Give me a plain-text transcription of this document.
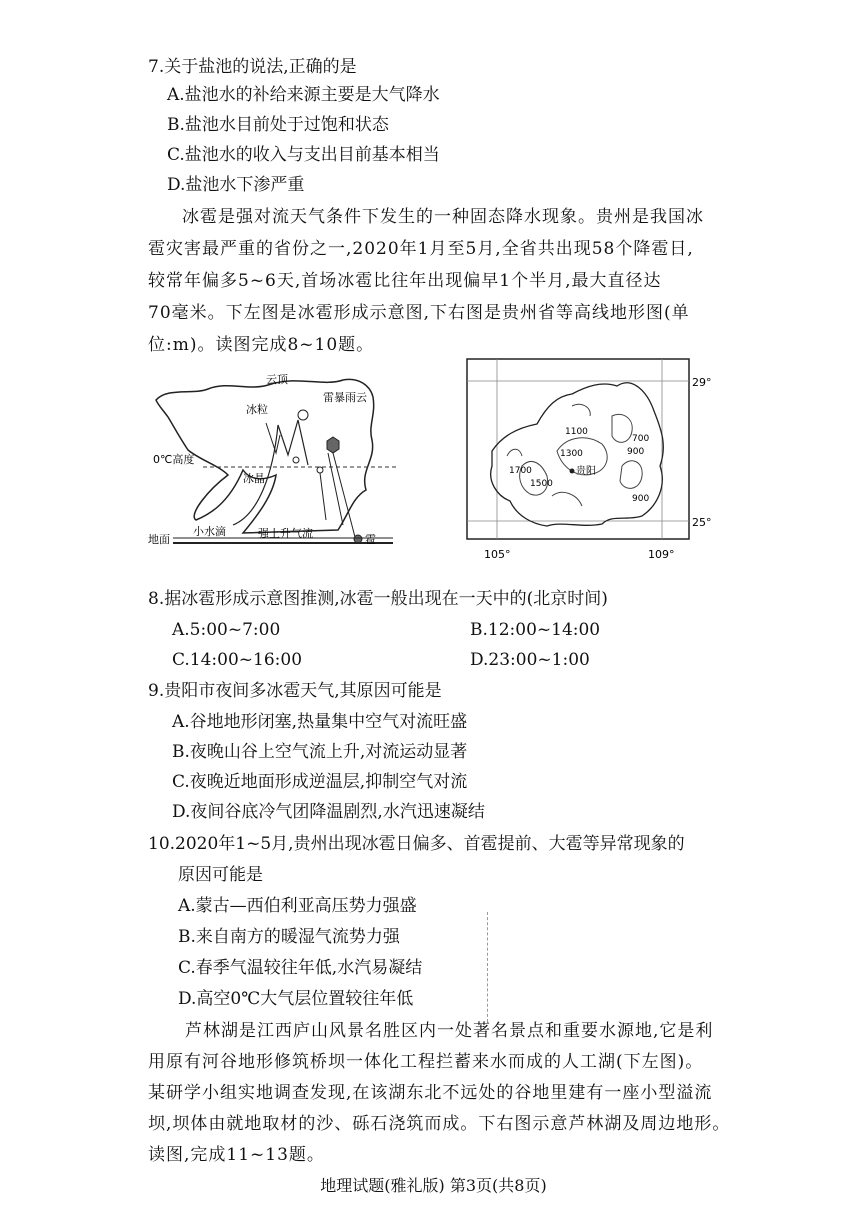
7.关于盐池的说法,正确的是
A.盐池水的补给来源主要是大气降水
B.盐池水目前处于过饱和状态
C.盐池水的收入与支出目前基本相当
D.盐池水下渗严重
冰雹是强对流天气条件下发生的一种固态降水现象。贵州是我国冰
雹灾害最严重的省份之一,2020年1月至5月,全省共出现58个降雹日,
较常年偏多5~6天,首场冰雹比往年出现偏早1个半月,最大直径达
70毫米。下左图是冰雹形成示意图,下右图是贵州省等高线地形图(单
位:m)。读图完成8~10题。
云顶
冰粒
雷暴雨云
0℃高度
冰晶
地面
小水滴	强上升气流	雹
贵阳
1100
1300
700
900
1700
1500
900
29°
25°
105°	109°
8.据冰雹形成示意图推测,冰雹一般出现在一天中的(北京时间)
A.5:00~7:00	B.12:00~14:00
C.14:00~16:00	D.23:00~1:00
9.贵阳市夜间多冰雹天气,其原因可能是
A.谷地地形闭塞,热量集中空气对流旺盛
B.夜晚山谷上空气流上升,对流运动显著
C.夜晚近地面形成逆温层,抑制空气对流
D.夜间谷底冷气团降温剧烈,水汽迅速凝结
10.2020年1~5月,贵州出现冰雹日偏多、首雹提前、大雹等异常现象的
原因可能是
A.蒙古—西伯利亚高压势力强盛
B.来自南方的暖湿气流势力强
C.春季气温较往年低,水汽易凝结
D.高空0℃大气层位置较往年低
芦林湖是江西庐山风景名胜区内一处著名景点和重要水源地,它是利
用原有河谷地形修筑桥坝一体化工程拦蓄来水而成的人工湖(下左图)。
某研学小组实地调查发现,在该湖东北不远处的谷地里建有一座小型溢流
坝,坝体由就地取材的沙、砾石浇筑而成。下右图示意芦林湖及周边地形。
读图,完成11~13题。
地理试题(雅礼版) 第3页(共8页)
